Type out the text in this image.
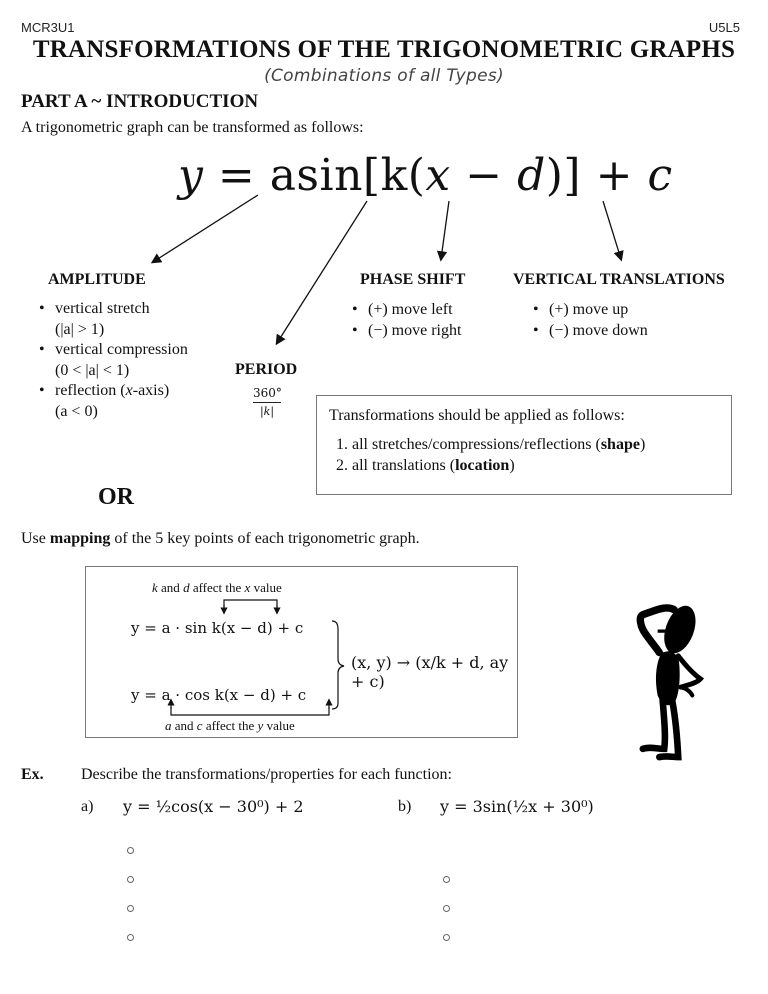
MCR3U1	U5L5
TRANSFORMATIONS OF THE TRIGONOMETRIC GRAPHS
(Combinations of all Types)
PART A ~ INTRODUCTION
A trigonometric graph can be transformed as follows:
y = asin[k(x − d)] + c
AMPLITUDE
• vertical stretch
(|a| > 1)
• vertical compression
(0 < |a| < 1)
• reflection (x-axis)
(a < 0)
PERIOD
$\frac{360^\circ}{|k|}$
PHASE SHIFT
• (+) move left
• (−) move right
VERTICAL TRANSLATIONS
• (+) move up
• (−) move down
Transformations should be applied as follows:
1. all stretches/compressions/reflections (shape)
2. all translations (location)
OR
Use mapping of the 5 key points of each trigonometric graph.
k and d affect the x value
y = a · sin k(x − d) + c
y = a · cos k(x − d) + c
(x, y) → (x/k + d, ay + c)
a and c affect the y value
Ex. Describe the transformations/properties for each function:
a) y = ½cos(x − 30⁰) + 2	b) y = 3sin(½x + 30⁰)
